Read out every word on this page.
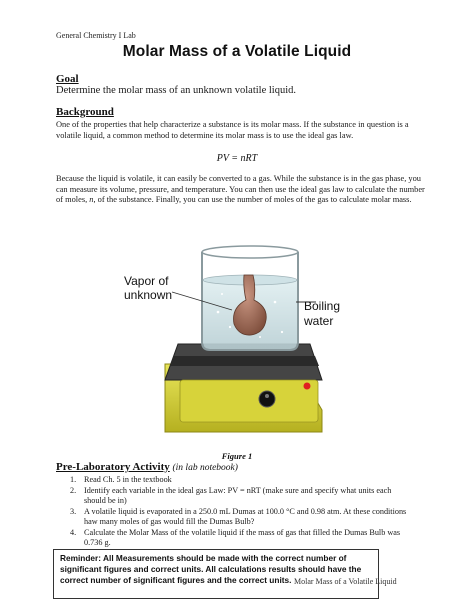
General Chemistry I Lab
Molar Mass of a Volatile Liquid
Goal
Determine the molar mass of an unknown volatile liquid.
Background
One of the properties that help characterize a substance is its molar mass. If the substance in question is a volatile liquid, a common method to determine its molar mass is to use the ideal gas law.
PV = nRT
Because the liquid is volatile, it can easily be converted to a gas. While the substance is in the gas phase, you can measure its volume, pressure, and temperature. You can then use the ideal gas law to calculate the number of moles, n, of the substance. Finally, you can use the number of moles of the gas to calculate molar mass.
Vapor of
unknown
Boiling
water
Figure 1
Pre-Laboratory Activity (in lab notebook)
1. Read Ch. 5 in the textbook
2. Identify each variable in the ideal gas Law: PV = nRT (make sure and specify what units each should be in)
3. A volatile liquid is evaporated in a 250.0 mL Dumas at 100.0 °C and 0.98 atm. At these conditions haw many moles of gas would fill the Dumas Bulb?
4. Calculate the Molar Mass of the volatile liquid if the mass of gas that filled the Dumas Bulb was 0.736 g.
Reminder: All Measurements should be made with the correct number of significant figures and correct units. All calculations results should have the correct number of significant figures and the correct units. Molar Mass of a Volatile Liquid
